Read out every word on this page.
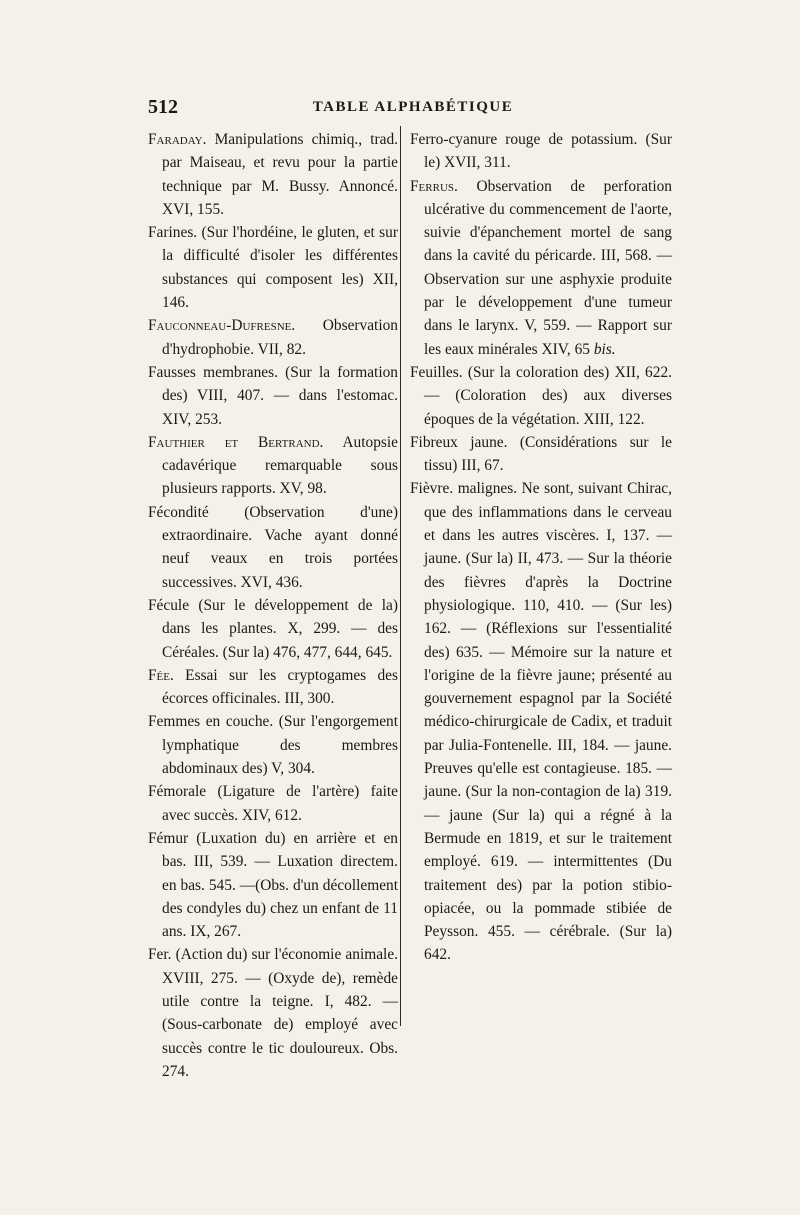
512	TABLE ALPHABÉTIQUE

Faraday. Manipulations chimiq., trad. par Maiseau, et revu pour la partie technique par M. Bussy. Annoncé. XVI, 155.

Farines. (Sur l'hordéine, le gluten, et sur la difficulté d'isoler les différentes substances qui composent les) XII, 146.

Fauconneau-Dufresne. Observation d'hydrophobie. VII, 82.

Fausses membranes. (Sur la formation des) VIII, 407. — dans l'estomac. XIV, 253.

Fauthier et Bertrand. Autopsie cadavérique remarquable sous plusieurs rapports. XV, 98.

Fécondité (Observation d'une) extraordinaire. Vache ayant donné neuf veaux en trois portées successives. XVI, 436.

Fécule (Sur le développement de la) dans les plantes. X, 299. — des Céréales. (Sur la) 476, 477, 644, 645.

Fée. Essai sur les cryptogames des écorces officinales. III, 300.

Femmes en couche. (Sur l'engorgement lymphatique des membres abdominaux des) V, 304.

Fémorale (Ligature de l'artère) faite avec succès. XIV, 612.

Fémur (Luxation du) en arrière et en bas. III, 539. — Luxation directem. en bas. 545. —(Obs. d'un décollement des condyles du) chez un enfant de 11 ans. IX, 267.

Fer. (Action du) sur l'économie animale. XVIII, 275. — (Oxyde de), remède utile contre la teigne. I, 482. — (Sous-carbonate de) employé avec succès contre le tic douloureux. Obs. 274.

Ferro-cyanure rouge de potassium. (Sur le) XVII, 311.

Ferrus. Observation de perforation ulcérative du commencement de l'aorte, suivie d'épanchement mortel de sang dans la cavité du péricarde. III, 568. — Observation sur une asphyxie produite par le développement d'une tumeur dans le larynx. V, 559. — Rapport sur les eaux minérales XIV, 65 bis.

Feuilles. (Sur la coloration des) XII, 622. — (Coloration des) aux diverses époques de la végétation. XIII, 122.

Fibreux jaune. (Considérations sur le tissu) III, 67.

Fièvre. malignes. Ne sont, suivant Chirac, que des inflammations dans le cerveau et dans les autres viscères. I, 137. — jaune. (Sur la) II, 473. — Sur la théorie des fièvres d'après la Doctrine physiologique. 110, 410. — (Sur les) 162. — (Réflexions sur l'essentialité des) 635. — Mémoire sur la nature et l'origine de la fièvre jaune; présenté au gouvernement espagnol par la Société médico-chirurgicale de Cadix, et traduit par Julia-Fontenelle. III, 184. — jaune. Preuves qu'elle est contagieuse. 185. — jaune. (Sur la non-contagion de la) 319. — jaune (Sur la) qui a régné à la Bermude en 1819, et sur le traitement employé. 619. — intermittentes (Du traitement des) par la potion stibio-opiacée, ou la pommade stibiée de Peysson. 455. — cérébrale. (Sur la) 642.
